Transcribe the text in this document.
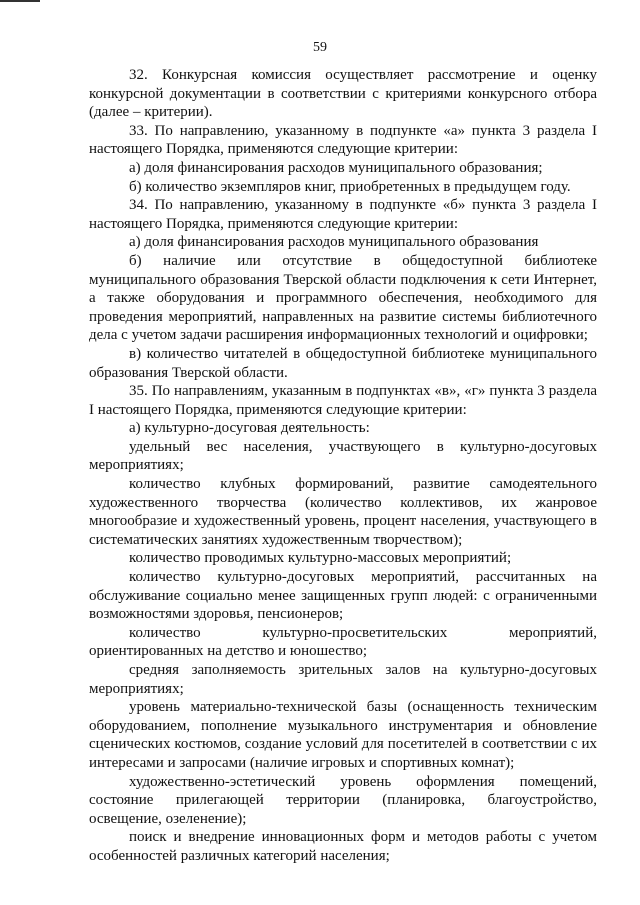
59

32. Конкурсная комиссия осуществляет рассмотрение и оценку конкурсной документации в соответствии с критериями конкурсного отбора (далее – критерии).

33. По направлению, указанному в подпункте «а» пункта 3 раздела I настоящего Порядка, применяются следующие критерии:

а) доля финансирования расходов муниципального образования;

б) количество экземпляров книг, приобретенных в предыдущем году.

34. По направлению, указанному в подпункте «б» пункта 3 раздела I настоящего Порядка, применяются следующие критерии:

а) доля финансирования расходов муниципального образования

б) наличие или отсутствие в общедоступной библиотеке муниципального образования Тверской области подключения к сети Интернет, а также оборудования и программного обеспечения, необходимого для проведения мероприятий, направленных на развитие системы библиотечного дела с учетом задачи расширения информационных технологий и оцифровки;

в) количество читателей в общедоступной библиотеке муниципального образования Тверской области.

35. По направлениям, указанным в подпунктах «в», «г» пункта 3 раздела I настоящего Порядка, применяются следующие критерии:

а) культурно-досуговая деятельность:

удельный вес населения, участвующего в культурно-досуговых мероприятиях;

количество клубных формирований, развитие самодеятельного художественного творчества (количество коллективов, их жанровое многообразие и художественный уровень, процент населения, участвующего в систематических занятиях художественным творчеством);

количество проводимых культурно-массовых мероприятий;

количество культурно-досуговых мероприятий, рассчитанных на обслуживание социально менее защищенных групп людей: с ограниченными возможностями здоровья, пенсионеров;

количество культурно-просветительских мероприятий, ориентированных на детство и юношество;

средняя заполняемость зрительных залов на культурно-досуговых мероприятиях;

уровень материально-технической базы (оснащенность техническим оборудованием, пополнение музыкального инструментария и обновление сценических костюмов, создание условий для посетителей в соответствии с их интересами и запросами (наличие игровых и спортивных комнат);

художественно-эстетический уровень оформления помещений, состояние прилегающей территории (планировка, благоустройство, освещение, озеленение);

поиск и внедрение инновационных форм и методов работы с учетом особенностей различных категорий населения;
